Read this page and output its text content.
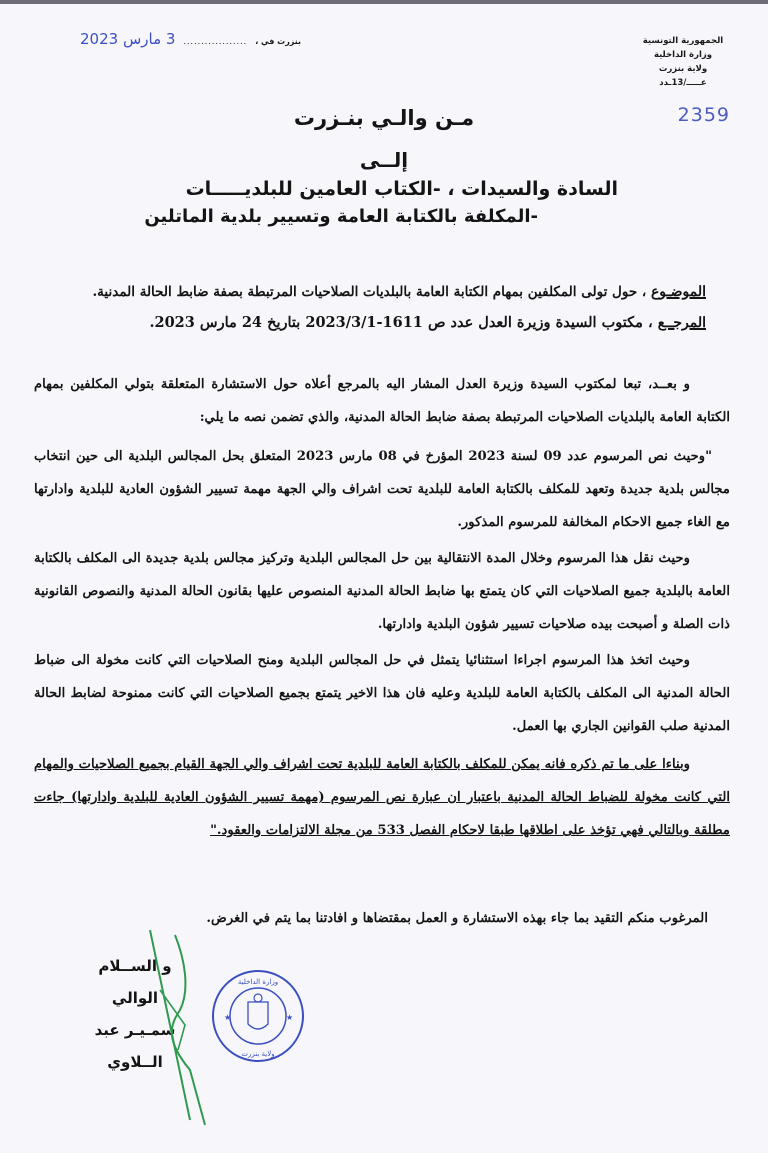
الجمهورية التونسية
وزارة الداخلية
ولاية بنزرت
عـــــ/13ـدد
2359
بنزرت في ،
..................
3 مارس 2023
مـن والـي بنـزرت
إلــى
السادة والسيدات ، -الكتاب العامين للبلديـــــات
-المكلفة بالكتابة العامة وتسيير بلدية الماتلين
الموضـوع ، حول تولى المكلفين بمهام الكتابة العامة بالبلديات الصلاحيات المرتبطة بصفة ضابط الحالة المدنية.
المرجــع ، مكتوب السيدة وزيرة العدل عدد ص 1611-2023/3/1 بتاريخ 24 مارس 2023.

و بعــد، تبعا لمكتوب السيدة وزيرة العدل المشار اليه بالمرجع أعلاه حول الاستشارة المتعلقة بتولي المكلفين بمهام الكتابة العامة بالبلديات الصلاحيات المرتبطة بصفة ضابط الحالة المدنية، والذي تضمن نصه ما يلي:

"وحيث نص المرسوم عدد 09 لسنة 2023 المؤرخ في 08 مارس 2023 المتعلق بحل المجالس البلدية الى حين انتخاب مجالس بلدية جديدة وتعهد للمكلف بالكتابة العامة للبلدية تحت اشراف والي الجهة مهمة تسيير الشؤون العادية للبلدية وادارتها مع الغاء جميع الاحكام المخالفة للمرسوم المذكور.

وحيث نقل هذا المرسوم وخلال المدة الانتقالية بين حل المجالس البلدية وتركيز مجالس بلدية جديدة الى المكلف بالكتابة العامة بالبلدية جميع الصلاحيات التي كان يتمتع بها ضابط الحالة المدنية المنصوص عليها بقانون الحالة المدنية والنصوص القانونية ذات الصلة و أصبحت بيده صلاحيات تسيير شؤون البلدية وادارتها.

وحيث اتخذ هذا المرسوم اجراءا استثنائيا يتمثل في حل المجالس البلدية ومنح الصلاحيات التي كانت مخولة الى ضباط الحالة المدنية الى المكلف بالكتابة العامة للبلدية وعليه فان هذا الاخير يتمتع بجميع الصلاحيات التي كانت ممنوحة لضابط الحالة المدنية صلب القوانين الجاري بها العمل.

وبناءا على ما تم ذكره فانه يمكن للمكلف بالكتابة العامة للبلدية تحت اشراف والي الجهة القيام بجميع الصلاحيات والمهام التي كانت مخولة للضباط الحالة المدنية باعتبار ان عبارة نص المرسوم (مهمة تسيير الشؤون العادية للبلدية وادارتها) جاءت مطلقة وبالتالي فهي تؤخذ على اطلاقها طبقا لاحكام الفصل 533 من مجلة الالتزامات والعقود."

المرغوب منكم التقيد بما جاء بهذه الاستشارة و العمل بمقتضاها و افادتنا بما يتم في الغرض.

و الســلام
الوالي
سمـيـر عبد الــلاوي
★	★
وزارة الداخلية
ولاية بنزرت
